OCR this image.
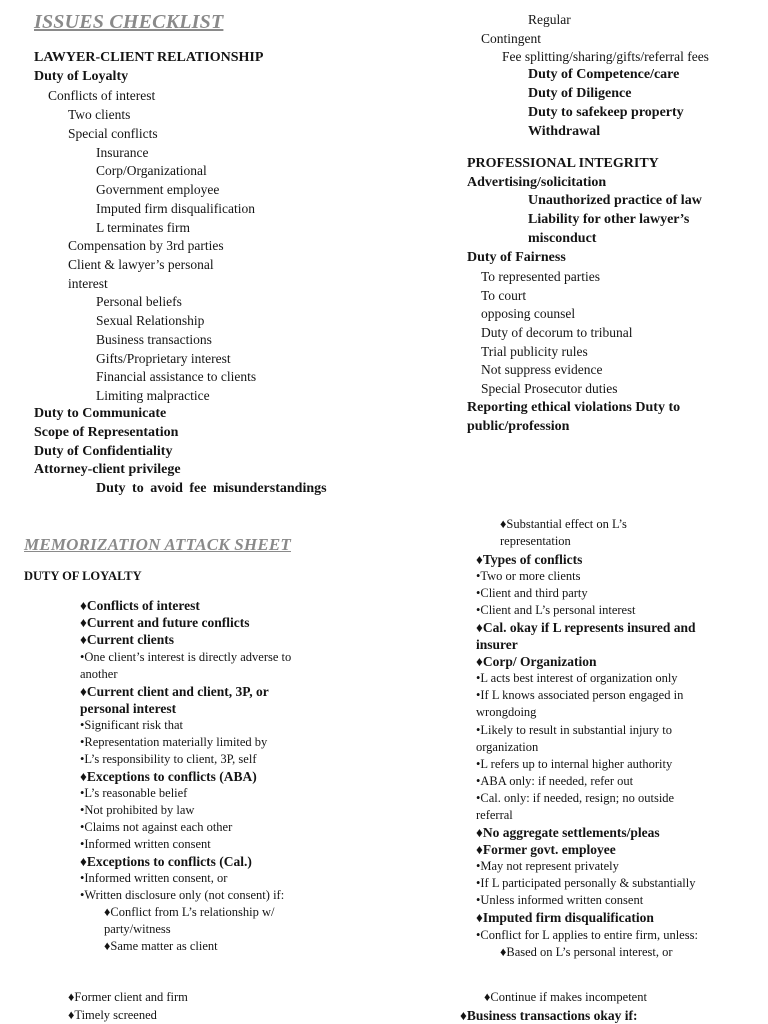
ISSUES CHECKLIST
LAWYER-CLIENT RELATIONSHIP
Duty of Loyalty
Conflicts of interest
Two clients
Special conflicts
Insurance
Corp/Organizational
Government employee
Imputed firm disqualification
L terminates firm
Compensation by 3rd parties
Client & lawyer’s personal
interest
Personal beliefs
Sexual Relationship
Business transactions
Gifts/Proprietary interest
Financial assistance to clients
Limiting malpractice
Duty to Communicate
Scope of Representation
Duty of Confidentiality
Attorney-client privilege
Duty to avoid fee misunderstandings
Regular
Contingent
Fee splitting/sharing/gifts/referral fees
Duty of Competence/care
Duty of Diligence
Duty to safekeep property
Withdrawal
PROFESSIONAL INTEGRITY
Advertising/solicitation
Unauthorized practice of law
Liability for other lawyer’s
misconduct
Duty of Fairness
To represented parties
To court
opposing counsel
Duty of decorum to tribunal
Trial publicity rules
Not suppress evidence
Special Prosecutor duties
Reporting ethical violations Duty to
public/profession
MEMORIZATION ATTACK SHEET
DUTY OF LOYALTY
♦Conflicts of interest
♦Current and future conflicts
♦Current clients
•One client’s interest is directly adverse to
another
♦Current client and client, 3P, or
personal interest
•Significant risk that
•Representation materially limited by
•L’s responsibility to client, 3P, self
♦Exceptions to conflicts (ABA)
•L’s reasonable belief
•Not prohibited by law
•Claims not against each other
•Informed written consent
♦Exceptions to conflicts (Cal.)
•Informed written consent, or
•Written disclosure only (not consent) if:
♦Conflict from L’s relationship w/
party/witness
♦Same matter as client
♦Former client and firm
♦Timely screened
♦Substantial effect on L’s
representation
♦Types of conflicts
•Two or more clients
•Client and third party
•Client and L’s personal interest
♦Cal. okay if L represents insured and
insurer
♦Corp/ Organization
•L acts best interest of organization only
•If L knows associated person engaged in
wrongdoing
•Likely to result in substantial injury to
organization
•L refers up to internal higher authority
•ABA only: if needed, refer out
•Cal. only: if needed, resign; no outside
referral
♦No aggregate settlements/pleas
♦Former govt. employee
•May not represent privately
•If L participated personally & substantially
•Unless informed written consent
♦Imputed firm disqualification
•Conflict for L applies to entire firm, unless:
♦Based on L’s personal interest, or
♦Continue if makes incompetent
♦Business transactions okay if:
